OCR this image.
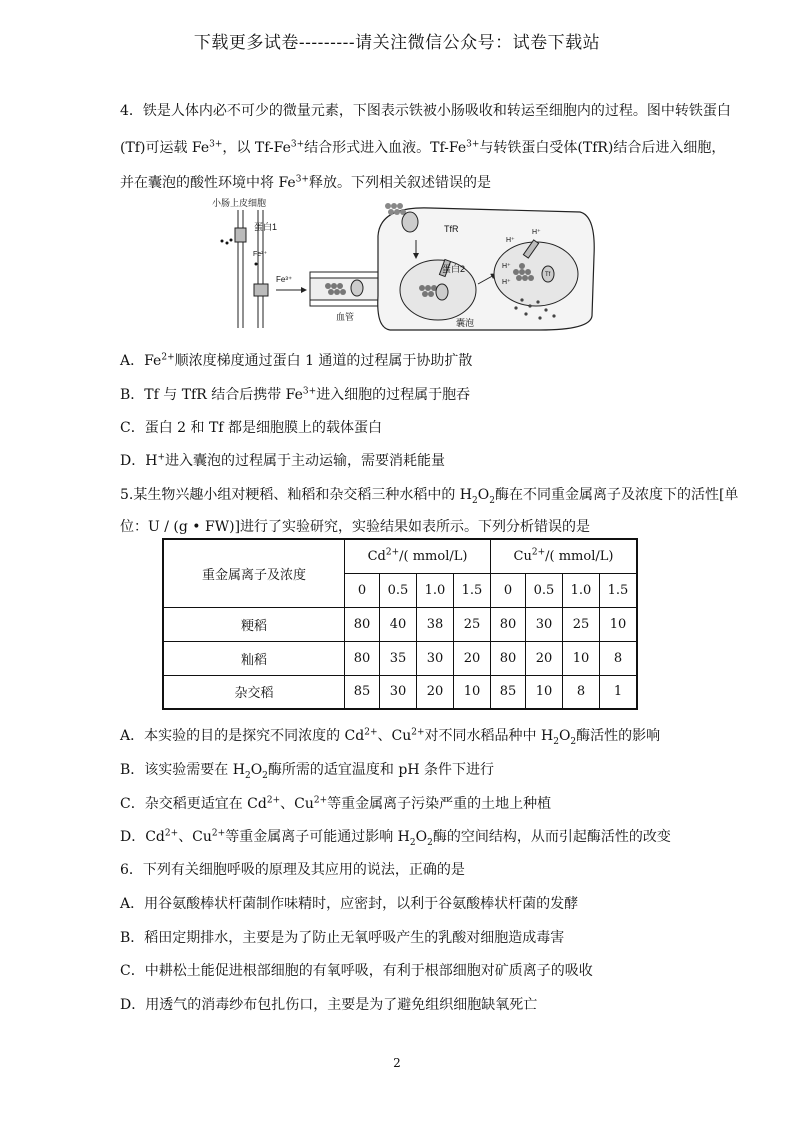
下载更多试卷---------请关注微信公众号：试卷下载站
4．铁是人体内必不可少的微量元素，下图表示铁被小肠吸收和转运至细胞内的过程。图中转铁蛋白
(Tf)可运载 $Fe^{3+}$，以 $Tf-Fe^{3+}$结合形式进入血液。$Tf-Fe^{3+}$与转铁蛋白受体(TfR)结合后进入细胞，
并在囊泡的酸性环境中将 $Fe^{3+}$释放。下列相关叙述错误的是
小肠上皮细胞
蛋白1
Fe²⁺
Fe³⁺
血管
TfR
蛋白2
囊泡
H⁺
H⁺
H⁺
H⁺
Tf
A．$Fe^{2+}$顺浓度梯度通过蛋白 1 通道的过程属于协助扩散
B．Tf 与 TfR 结合后携带 $Fe^{3+}$进入细胞的过程属于胞吞
C．蛋白 2 和 Tf 都是细胞膜上的载体蛋白
D．H+进入囊泡的过程属于主动运输，需要消耗能量
5.某生物兴趣小组对粳稻、籼稻和杂交稻三种水稻中的 $H_2O_2$酶在不同重金属离子及浓度下的活性[单
位：U / (g • FW)]进行了实验研究，实验结果如表所示。下列分析错误的是
重金属离子及浓度	$Cd^{2+}/$( mmol/L)				$Cu^{2+}/$( mmol/L)			
	0	0.5	1.0	1.5	0	0.5	1.0	1.5
粳稻	80	40	38	25	80	30	25	10
籼稻	80	35	30	20	80	20	10	8
杂交稻	85	30	20	10	85	10	8	1
A．本实验的目的是探究不同浓度的 $Cd^{2+}$、$Cu^{2+}$对不同水稻品种中 $H_2O_2$酶活性的影响
B．该实验需要在 $H_2O_2$酶所需的适宜温度和 pH 条件下进行
C．杂交稻更适宜在 $Cd^{2+}$、$Cu^{2+}$等重金属离子污染严重的土地上种植
D．$Cd^{2+}$、$Cu^{2+}$等重金属离子可能通过影响 $H_2O_2$酶的空间结构，从而引起酶活性的改变
6．下列有关细胞呼吸的原理及其应用的说法，正确的是
A．用谷氨酸棒状杆菌制作味精时，应密封，以利于谷氨酸棒状杆菌的发酵
B．稻田定期排水，主要是为了防止无氧呼吸产生的乳酸对细胞造成毒害
C．中耕松土能促进根部细胞的有氧呼吸，有利于根部细胞对矿质离子的吸收
D．用透气的消毒纱布包扎伤口，主要是为了避免组织细胞缺氧死亡
2
